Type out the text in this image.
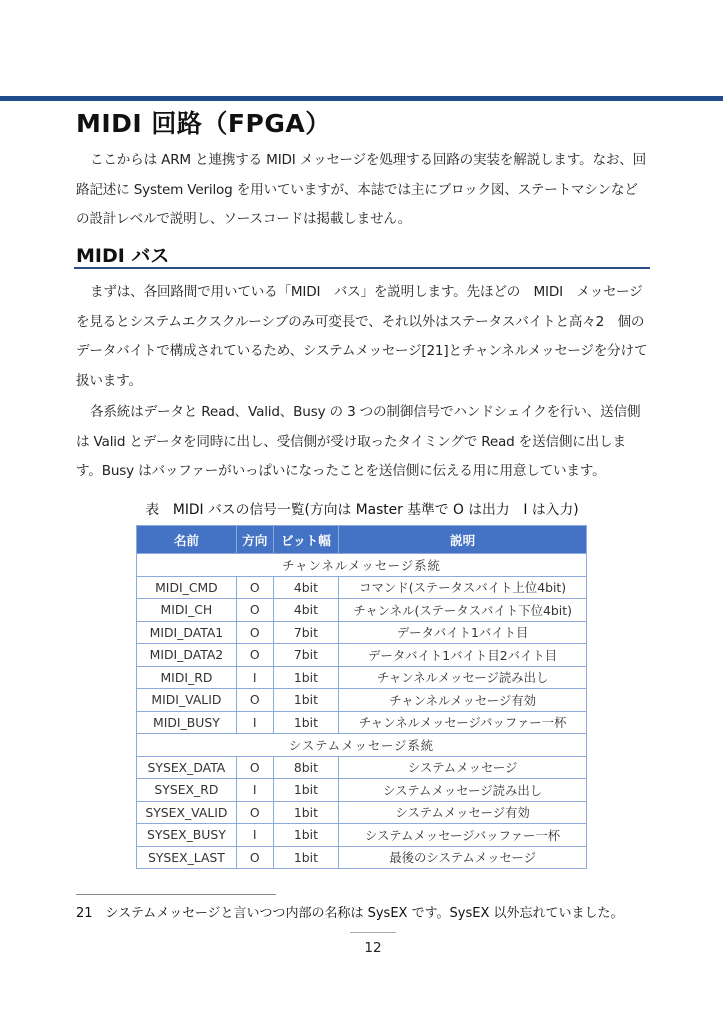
MIDI 回路（FPGA）
ここからは ARM と連携する MIDI メッセージを処理する回路の実装を解説します。なお、回路記述に System Verilog を用いていますが、本誌では主にブロック図、ステートマシンなどの設計レベルで説明し、ソースコードは掲載しません。
MIDI バス
まずは、各回路間で用いている「MIDI　バス」を説明します。先ほどの　MIDI　メッセージを見るとシステムエクスクルーシブのみ可変長で、それ以外はステータスバイトと高々2　個のデータバイトで構成されているため、システムメッセージ[21]とチャンネルメッセージを分けて扱います。
各系統はデータと Read、Valid、Busy の 3 つの制御信号でハンドシェイクを行い、送信側は Valid とデータを同時に出し、受信側が受け取ったタイミングで Read を送信側に出します。Busy はバッファーがいっぱいになったことを送信側に伝える用に用意しています。
表　MIDI バスの信号一覧(方向は Master 基準で O は出力　I は入力)
名前	方向	ビット幅	説明
チャンネルメッセージ系統			
MIDI_CMD	O	4bit	コマンド(ステータスバイト上位4bit)
MIDI_CH	O	4bit	チャンネル(ステータスバイト下位4bit)
MIDI_DATA1	O	7bit	データバイト1バイト目
MIDI_DATA2	O	7bit	データバイト1バイト目2バイト目
MIDI_RD	I	1bit	チャンネルメッセージ読み出し
MIDI_VALID	O	1bit	チャンネルメッセージ有効
MIDI_BUSY	I	1bit	チャンネルメッセージバッファー一杯
システムメッセージ系統			
SYSEX_DATA	O	8bit	システムメッセージ
SYSEX_RD	I	1bit	システムメッセージ読み出し
SYSEX_VALID	O	1bit	システムメッセージ有効
SYSEX_BUSY	I	1bit	システムメッセージバッファー一杯
SYSEX_LAST	O	1bit	最後のシステムメッセージ
21　システムメッセージと言いつつ内部の名称は SysEX です。SysEX 以外忘れていました。
12
